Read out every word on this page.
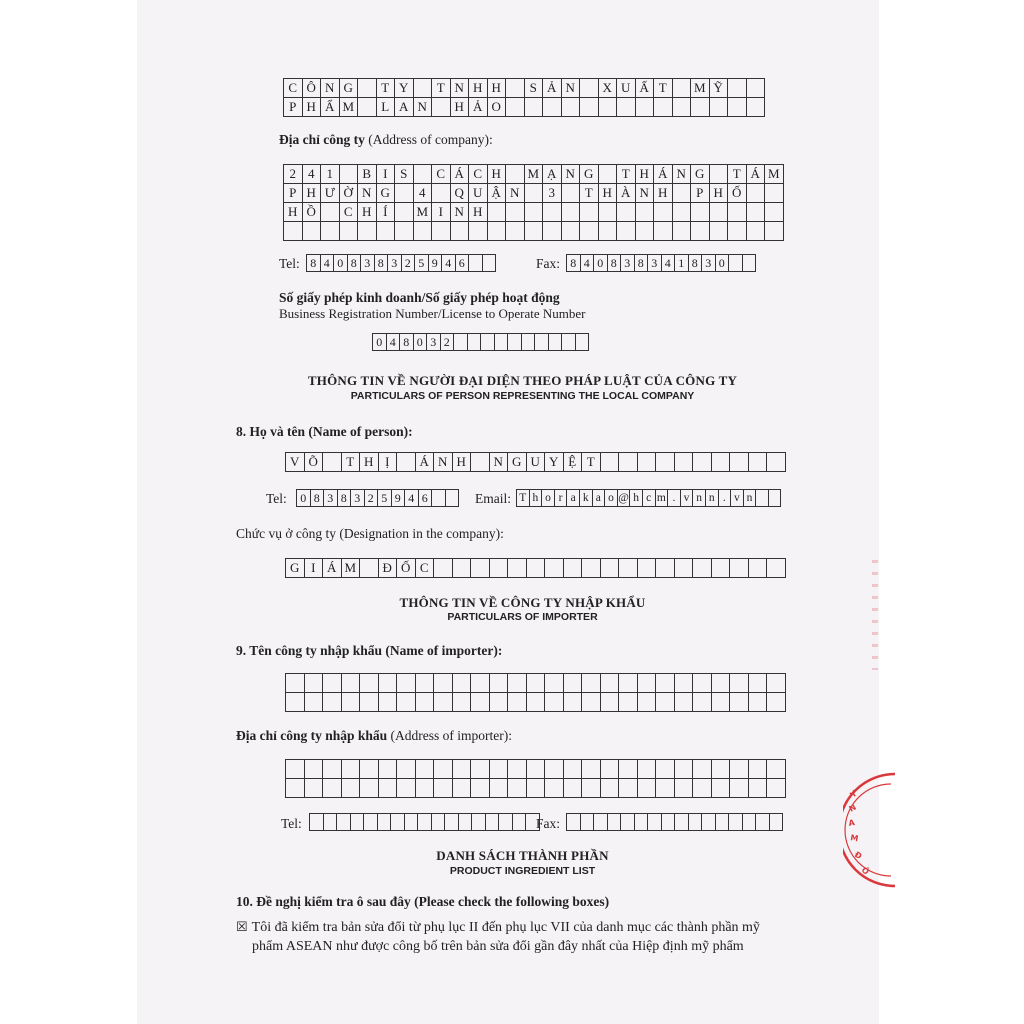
C Ô N G	T Y	T N H H	S Ả N	X U Ấ T	M Ỹ
P H Ẩ M	L A N	H Ả O
Địa chỉ công ty (Address of company):
2 4 1	B I S	C Á C H	M Ạ N G	T H Á N G	T Á M
P H Ư Ờ N G	4	Q U Ậ N	3	T H À N H	P H Ố
H Ồ	C H Í	M I N H
Tel: 8 4 0 8 3 8 3 2 5 9 4 6	Fax: 8 4 0 8 3 8 3 4 1 8 3 0
Số giấy phép kinh doanh/Số giấy phép hoạt động
Business Registration Number/License to Operate Number
0 4 8 0 3 2
THÔNG TIN VỀ NGƯỜI ĐẠI DIỆN THEO PHÁP LUẬT CỦA CÔNG TY
PARTICULARS OF PERSON REPRESENTING THE LOCAL COMPANY
8. Họ và tên (Name of person):
V Õ	T H Ị	Á N H	N G U Y Ệ T
Tel: 0 8 3 8 3 2 5 9 4 6	Email: T h o r a k a o @ h c m . v n n . v n
Chức vụ ở công ty (Designation in the company):
G I Á M	Đ Ố C
THÔNG TIN VỀ CÔNG TY NHẬP KHẨU
PARTICULARS OF IMPORTER
9. Tên công ty nhập khẩu (Name of importer):
Địa chỉ công ty nhập khẩu (Address of importer):
Tel:	Fax:
DANH SÁCH THÀNH PHẦN
PRODUCT INGREDIENT LIST
10. Đề nghị kiểm tra ô sau đây (Please check the following boxes)
☒ Tôi đã kiểm tra bản sửa đổi từ phụ lục II đến phụ lục VII của danh mục các thành phần mỹ
phẩm ASEAN như được công bố trên bản sửa đổi gần đây nhất của Hiệp định mỹ phẩm
Y
N
A
M
Đ
Ô
